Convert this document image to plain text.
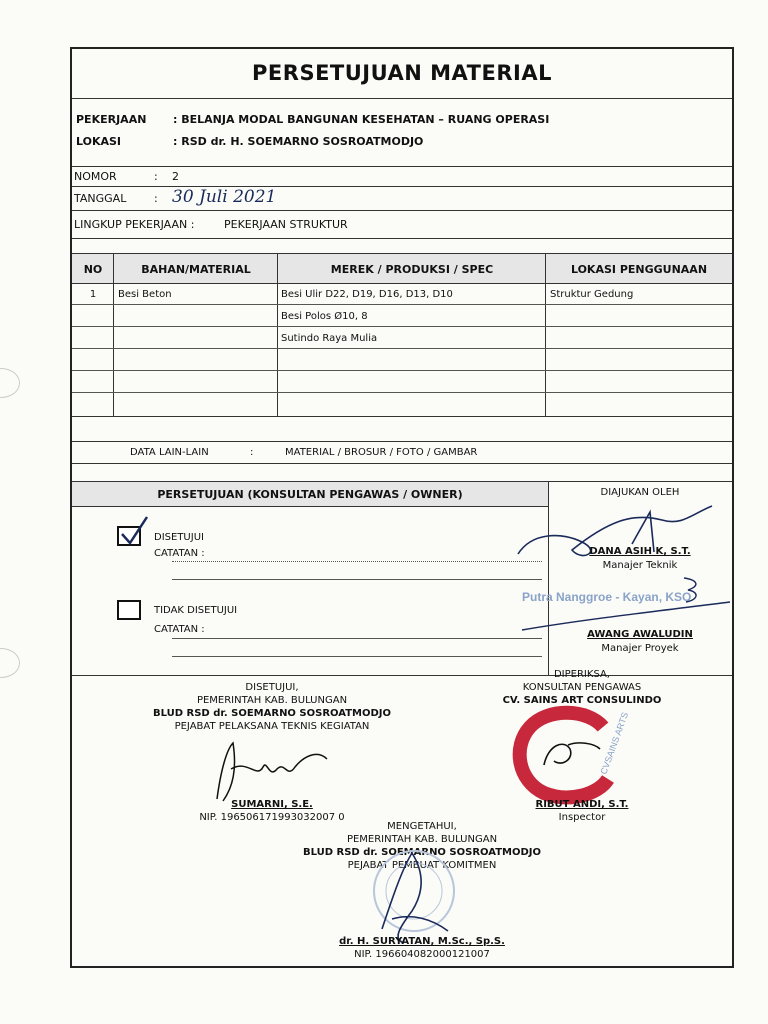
PERSETUJUAN MATERIAL
PEKERJAAN : BELANJA MODAL BANGUNAN KESEHATAN – RUANG OPERASI
LOKASI	: RSD dr. H. SOEMARNO SOSROATMODJO
NOMOR	: 2
TANGGAL	: 30 Juli 2021
LINGKUP PEKERJAAN :	PEKERJAAN STRUKTUR
NO	BAHAN/MATERIAL	MEREK / PRODUKSI / SPEC	LOKASI PENGGUNAAN
1	Besi Beton	Besi Ulir D22, D19, D16, D13, D10	Struktur Gedung
Besi Polos Ø10, 8
Sutindo Raya Mulia
DATA LAIN-LAIN	:	MATERIAL / BROSUR / FOTO / GAMBAR
PERSETUJUAN (KONSULTAN PENGAWAS / OWNER)
DISETUJUI
CATATAN :
TIDAK DISETUJUI
CATATAN :
DIAJUKAN OLEH
DANA ASIH K, S.T.
Manajer Teknik
Putra Nanggroe - Kayan, KSO
AWANG AWALUDIN
Manajer Proyek
DISETUJUI,
PEMERINTAH KAB. BULUNGAN
BLUD RSD dr. SOEMARNO SOSROATMODJO
PEJABAT PELAKSANA TEKNIS KEGIATAN
SUMARNI, S.E.
NIP. 196506171993032007 0
DIPERIKSA,
KONSULTAN PENGAWAS
CV. SAINS ART CONSULINDO
CVSAINS ARTS
RIBUT ANDI, S.T.
Inspector
MENGETAHUI,
PEMERINTAH KAB. BULUNGAN
BLUD RSD dr. SOEMARNO SOSROATMODJO
PEJABAT PEMBUAT KOMITMEN
dr. H. SURYATAN, M.Sc., Sp.S.
NIP. 196604082000121007
